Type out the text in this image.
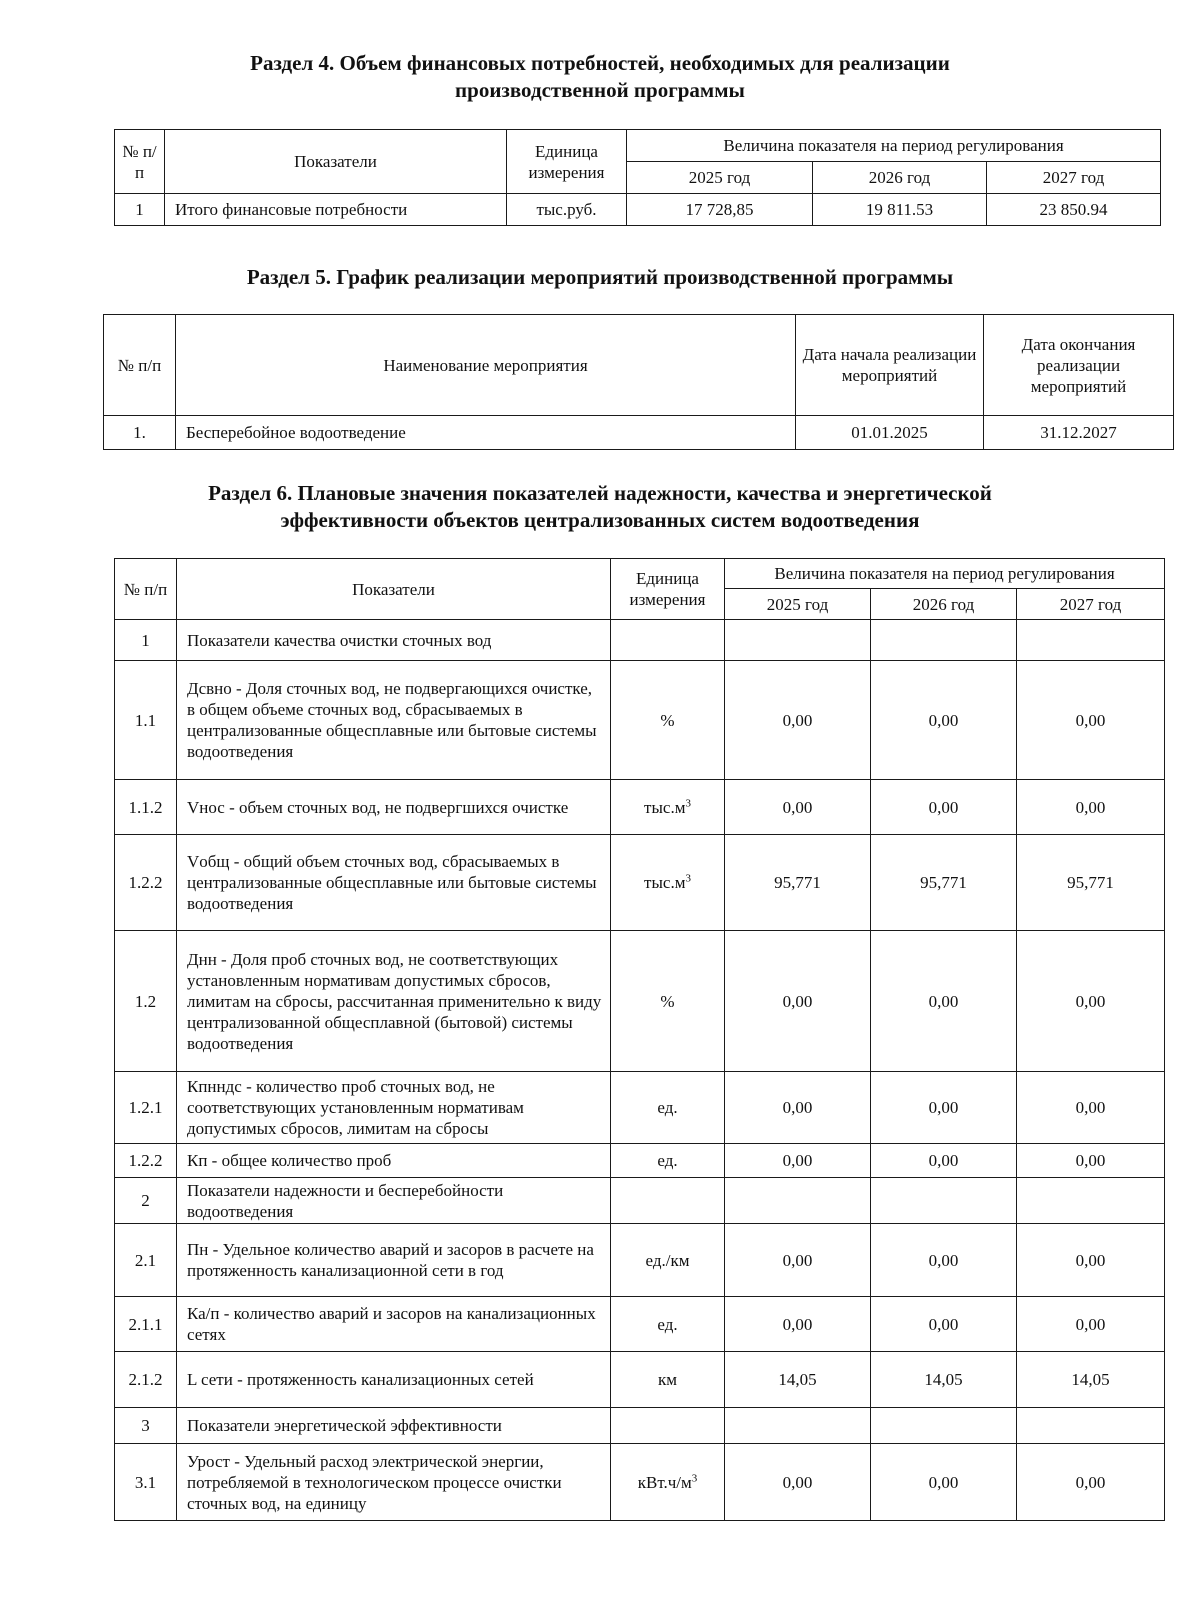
Раздел 4. Объем финансовых потребностей, необходимых для реализации
производственной программы
№ п/п	Показатели	Единица измерения	Величина показателя на период регулирования		
			2025 год	2026 год	2027 год
1	Итого финансовые потребности	тыс.руб.	17 728,85	19 811.53	23 850.94
Раздел 5. График реализации мероприятий производственной программы
№ п/п	Наименование мероприятия	Дата начала реализации мероприятий	Дата окончания реализации мероприятий
1.	Бесперебойное водоотведение	01.01.2025	31.12.2027
Раздел 6. Плановые значения показателей надежности, качества и энергетической
эффективности объектов централизованных систем водоотведения
№ п/п	Показатели	Единица измерения	Величина показателя на период регулирования		
			2025 год	2026 год	2027 год
1	Показатели качества очистки сточных вод				
1.1	Дсвно - Доля сточных вод, не подвергающихся очистке, в общем объеме сточных вод, сбрасываемых в централизованные общесплавные или бытовые системы водоотведения	%	0,00	0,00	0,00
1.1.2	Vнос - объем сточных вод, не подвергшихся очистке	$тыс.м^3$	0,00	0,00	0,00
1.2.2	Vобщ - общий объем сточных вод, сбрасываемых в централизованные общесплавные или бытовые системы водоотведения	$тыс.м^3$	95,771	95,771	95,771
1.2	Днн - Доля проб сточных вод, не соответствующих установленным нормативам допустимых сбросов, лимитам на сбросы, рассчитанная применительно к виду централизованной общесплавной (бытовой) системы водоотведения	%	0,00	0,00	0,00
1.2.1	Кпнндс - количество проб сточных вод, не соответствующих установленным нормативам допустимых сбросов, лимитам на сбросы	ед.	0,00	0,00	0,00
1.2.2	Кп - общее количество проб	ед.	0,00	0,00	0,00
2	Показатели надежности и бесперебойности водоотведения				
2.1	Пн - Удельное количество аварий и засоров в расчете на протяженность канализационной сети в год	ед./км	0,00	0,00	0,00
2.1.1	Ка/п - количество аварий и засоров на канализационных сетях	ед.	0,00	0,00	0,00
2.1.2	L сети - протяженность канализационных сетей	км	14,05	14,05	14,05
3	Показатели энергетической эффективности				
3.1	Урост - Удельный расход электрической энергии, потребляемой в технологическом процессе очистки сточных вод, на единицу	$кВт.ч/м^3$	0,00	0,00	0,00
